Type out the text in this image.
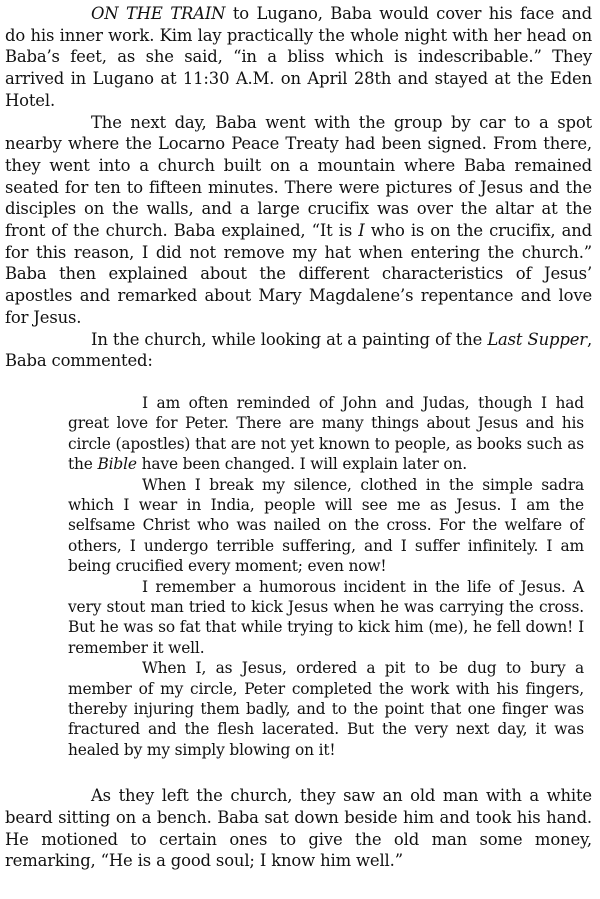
ON THE TRAIN to Lugano, Baba would cover his face and do his inner work. Kim lay practically the whole night with her head on Baba’s feet, as she said, “in a bliss which is indescribable.” They arrived in Lugano at 11:30 A.M. on April 28th and stayed at the Eden Hotel.

The next day, Baba went with the group by car to a spot nearby where the Locarno Peace Treaty had been signed. From there, they went into a church built on a mountain where Baba remained seated for ten to fifteen minutes. There were pictures of Jesus and the disciples on the walls, and a large crucifix was over the altar at the front of the church. Baba explained, “It is I who is on the crucifix, and for this reason, I did not remove my hat when entering the church.” Baba then explained about the different characteristics of Jesus’ apostles and remarked about Mary Magdalene’s repentance and love for Jesus.

In the church, while looking at a painting of the Last Supper, Baba commented:

I am often reminded of John and Judas, though I had great love for Peter. There are many things about Jesus and his circle (apostles) that are not yet known to people, as books such as the Bible have been changed. I will explain later on.

When I break my silence, clothed in the simple sadra which I wear in India, people will see me as Jesus. I am the selfsame Christ who was nailed on the cross. For the welfare of others, I undergo terrible suffering, and I suffer infinitely. I am being crucified every moment; even now!

I remember a humorous incident in the life of Jesus. A very stout man tried to kick Jesus when he was carrying the cross. But he was so fat that while trying to kick him (me), he fell down! I remember it well.

When I, as Jesus, ordered a pit to be dug to bury a member of my circle, Peter completed the work with his fingers, thereby injuring them badly, and to the point that one finger was fractured and the flesh lacerated. But the very next day, it was healed by my simply blowing on it!

As they left the church, they saw an old man with a white beard sitting on a bench. Baba sat down beside him and took his hand. He motioned to certain ones to give the old man some money, remarking, “He is a good soul; I know him well.”
